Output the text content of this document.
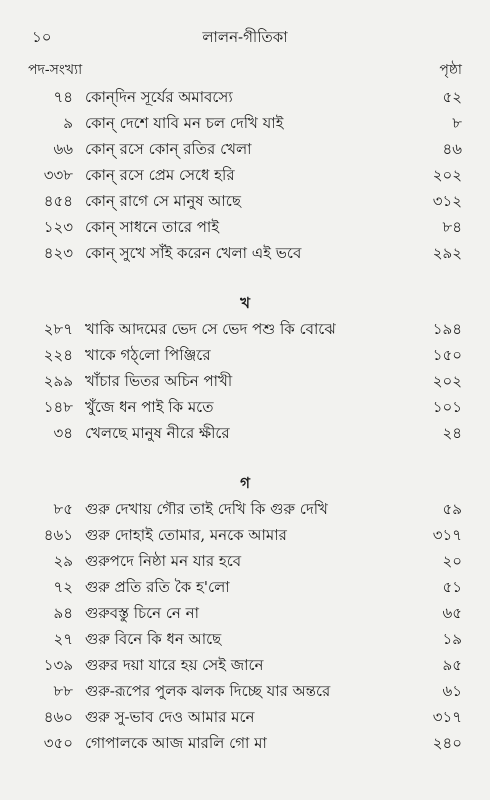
১০	লালন-গীতিকা
পদ-সংখ্যা	পৃষ্ঠা
৭৪ কোন্‌দিন সূর্যের অমাবস্যে	৫২
৯ কোন্ দেশে যাবি মন চল দেখি যাই	৮
৬৬ কোন্ রসে কোন্ রতির খেলা	৪৬
৩৩৮ কোন্ রসে প্রেম সেধে হরি	২০২
৪৫৪ কোন্ রাগে সে মানুষ আছে	৩১২
১২৩ কোন্ সাধনে তারে পাই	৮৪
৪২৩ কোন্ সুখে সাঁই করেন খেলা এই ভবে	২৯২
খ
২৮৭ খাকি আদমের ভেদ সে ভেদ পশু কি বোঝে	১৯৪
২২৪ খাকে গঠ্‌লো পিঞ্জিরে	১৫০
২৯৯ খাঁচার ভিতর অচিন পাখী	২০২
১৪৮ খুঁজে ধন পাই কি মতে	১০১
৩৪ খেলছে মানুষ নীরে ক্ষীরে	২৪
গ
৮৫ গুরু দেখায় গৌর তাই দেখি কি গুরু দেখি	৫৯
৪৬১ গুরু দোহাই তোমার, মনকে আমার	৩১৭
২৯ গুরুপদে নিষ্ঠা মন যার হবে	২০
৭২ গুরু প্রতি রতি কৈ হ'লো	৫১
৯৪ গুরুবস্তু চিনে নে না	৬৫
২৭ গুরু বিনে কি ধন আছে	১৯
১৩৯ গুরুর দয়া যারে হয় সেই জানে	৯৫
৮৮ গুরু-রূপের পুলক ঝলক দিচ্ছে যার অন্তরে	৬১
৪৬০ গুরু সু-ভাব দেও আমার মনে	৩১৭
৩৫০ গোপালকে আজ মারলি গো মা	২৪০
